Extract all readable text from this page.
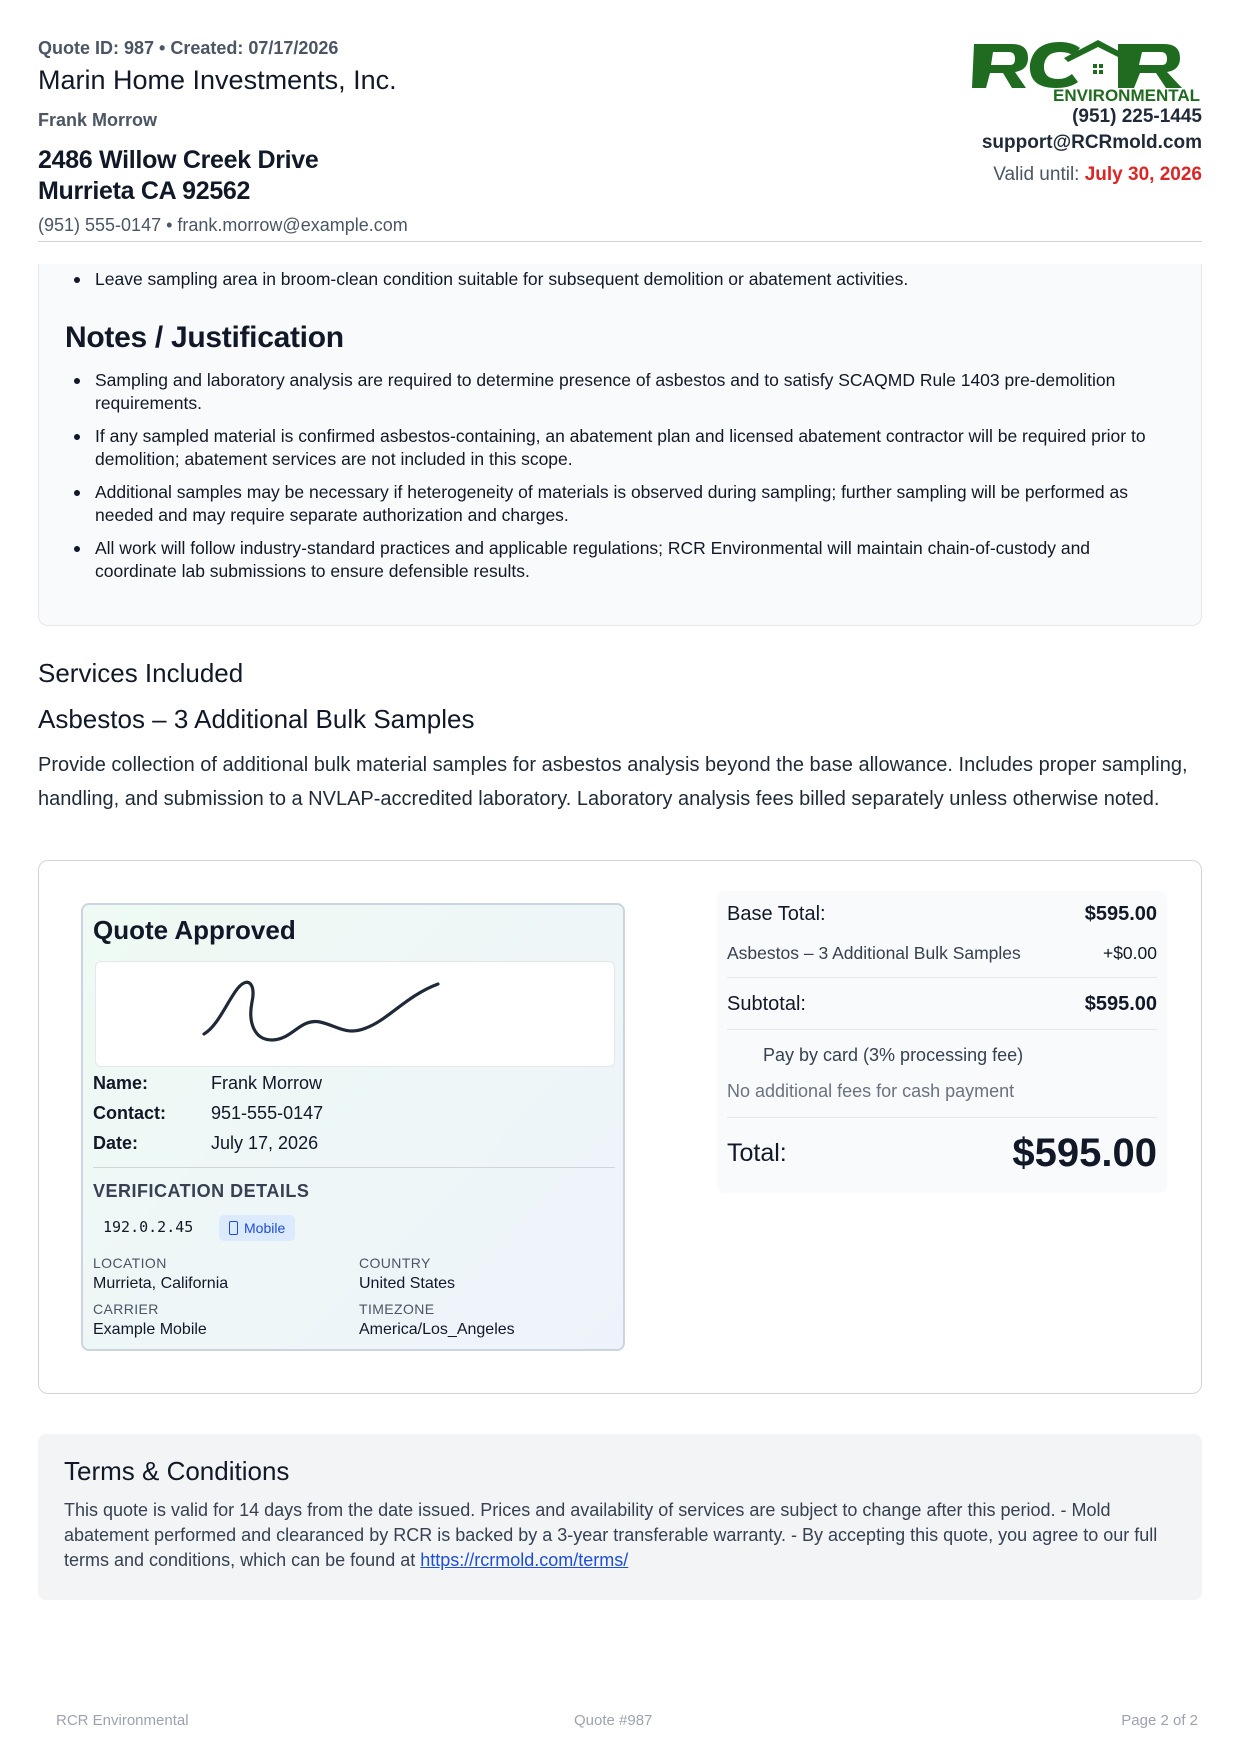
Quote ID: 987 • Created: 07/17/2026
Marin Home Investments, Inc.
Frank Morrow
2486 Willow Creek Drive
Murrieta CA 92562
(951) 555-0147 • frank.morrow@example.com
ENVIRONMENTAL
(951) 225-1445
support@RCRmold.com
Valid until: July 30, 2026
Leave sampling area in broom-clean condition suitable for subsequent demolition or abatement activities.
Notes / Justification
Sampling and laboratory analysis are required to determine presence of asbestos and to satisfy SCAQMD Rule 1403 pre-demolition requirements.
If any sampled material is confirmed asbestos-containing, an abatement plan and licensed abatement contractor will be required prior to demolition; abatement services are not included in this scope.
Additional samples may be necessary if heterogeneity of materials is observed during sampling; further sampling will be performed as needed and may require separate authorization and charges.
All work will follow industry-standard practices and applicable regulations; RCR Environmental will maintain chain-of-custody and coordinate lab submissions to ensure defensible results.
Services Included
Asbestos – 3 Additional Bulk Samples
Provide collection of additional bulk material samples for asbestos analysis beyond the base allowance. Includes proper sampling, handling, and submission to a NVLAP-accredited laboratory. Laboratory analysis fees billed separately unless otherwise noted.
Quote Approved
Name:	Frank Morrow
Contact:	951-555-0147
Date:	July 17, 2026
VERIFICATION DETAILS
192.0.2.45	Mobile
LOCATION
Murrieta, California
COUNTRY
United States
CARRIER
Example Mobile
TIMEZONE
America/Los_Angeles
Base Total:	$595.00
Asbestos – 3 Additional Bulk Samples	+$0.00
Subtotal:	$595.00
Pay by card (3% processing fee)
No additional fees for cash payment
Total:	$595.00
Terms & Conditions
This quote is valid for 14 days from the date issued. Prices and availability of services are subject to change after this period. - Mold abatement performed and clearanced by RCR is backed by a 3-year transferable warranty. - By accepting this quote, you agree to our full terms and conditions, which can be found at https://rcrmold.com/terms/
RCR Environmental	Quote #987	Page 2 of 2
